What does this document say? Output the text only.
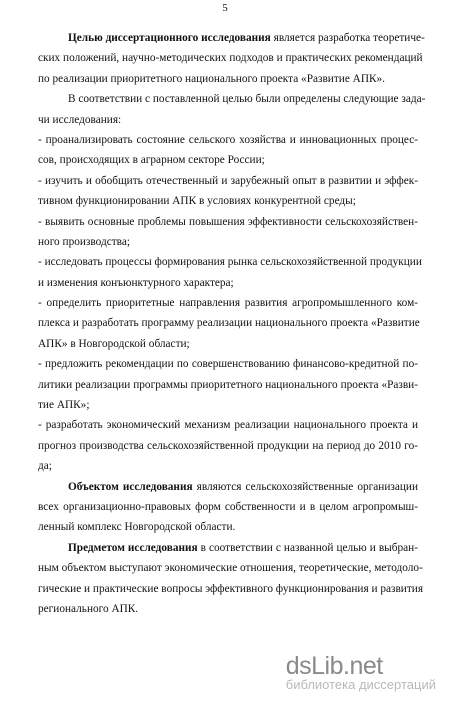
5
Целью диссертационного исследования является разработка теоретиче-
ских положений, научно-методических подходов и практических рекомендаций
по реализации приоритетного национального проекта «Развитие АПК».
В соответствии с поставленной целью были определены следующие зада-
чи исследования:
- проанализировать состояние сельского хозяйства и инновационных процес-
сов, происходящих в аграрном секторе России;
- изучить и обобщить отечественный и зарубежный опыт в развитии и эффек-
тивном функционировании АПК в условиях конкурентной среды;
- выявить основные проблемы повышения эффективности сельскохозяйствен-
ного производства;
- исследовать процессы формирования рынка сельскохозяйственной продукции
и изменения конъюнктурного характера;
- определить приоритетные направления развития агропромышленного ком-
плекса и разработать программу реализации национального проекта «Развитие
АПК» в Новгородской области;
- предложить рекомендации по совершенствованию финансово-кредитной по-
литики реализации программы приоритетного национального проекта «Разви-
тие АПК»;
- разработать экономический механизм реализации национального проекта и
прогноз производства сельскохозяйственной продукции на период до 2010 го-
да;
Объектом исследования являются сельскохозяйственные организации
всех организационно-правовых форм собственности и в целом агропромыш-
ленный комплекс Новгородской области.
Предметом исследования в соответствии с названной целью и выбран-
ным объектом выступают экономические отношения, теоретические, методоло-
гические и практические вопросы эффективного функционирования и развития
регионального АПК.
dsLib.net
библиотека диссертаций
